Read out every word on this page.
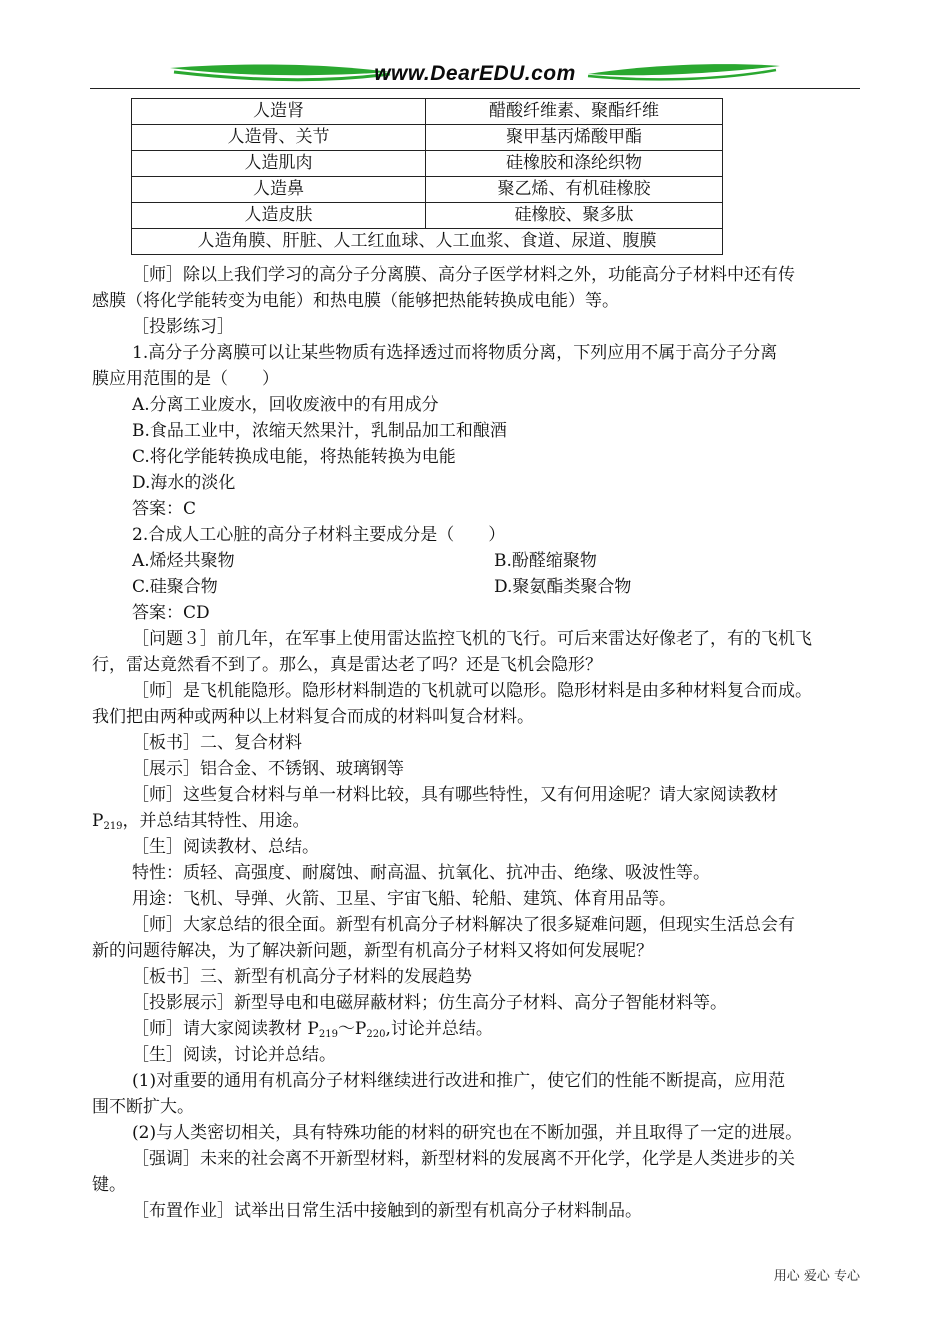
www.DearEDU.com
人造肾	醋酸纤维素、聚酯纤维
人造骨、关节	聚甲基丙烯酸甲酯
人造肌肉	硅橡胶和涤纶织物
人造鼻	聚乙烯、有机硅橡胶
人造皮肤	硅橡胶、聚多肽
人造角膜、肝脏、人工红血球、人工血浆、食道、尿道、腹膜	

［师］除以上我们学习的高分子分离膜、高分子医学材料之外，功能高分子材料中还有传

感膜（将化学能转变为电能）和热电膜（能够把热能转换成电能）等。

［投影练习］

1.高分子分离膜可以让某些物质有选择透过而将物质分离，下列应用不属于高分子分离

膜应用范围的是（　　）

A.分离工业废水，回收废液中的有用成分

B.食品工业中，浓缩天然果汁，乳制品加工和酿酒

C.将化学能转换成电能，将热能转换为电能

D.海水的淡化

答案：C

2.合成人工心脏的高分子材料主要成分是（　　）

A.烯烃共聚物	B.酚醛缩聚物
C.硅聚合物	D.聚氨酯类聚合物

答案：CD

［问题３］前几年，在军事上使用雷达监控飞机的飞行。可后来雷达好像老了，有的飞机飞

行，雷达竟然看不到了。那么，真是雷达老了吗？还是飞机会隐形？

［师］是飞机能隐形。隐形材料制造的飞机就可以隐形。隐形材料是由多种材料复合而成。

我们把由两种或两种以上材料复合而成的材料叫复合材料。

［板书］二、复合材料

［展示］铝合金、不锈钢、玻璃钢等

［师］这些复合材料与单一材料比较，具有哪些特性，又有何用途呢？请大家阅读教材

$P_{219}$，并总结其特性、用途。

［生］阅读教材、总结。

特性：质轻、高强度、耐腐蚀、耐高温、抗氧化、抗冲击、绝缘、吸波性等。

用途：飞机、导弹、火箭、卫星、宇宙飞船、轮船、建筑、体育用品等。

［师］大家总结的很全面。新型有机高分子材料解决了很多疑难问题，但现实生活总会有

新的问题待解决，为了解决新问题，新型有机高分子材料又将如何发展呢？

［板书］三、新型有机高分子材料的发展趋势

［投影展示］新型导电和电磁屏蔽材料；仿生高分子材料、高分子智能材料等。

［师］请大家阅读教材 $P_{219}\sim P_{220}$,讨论并总结。

［生］阅读，讨论并总结。

(1)对重要的通用有机高分子材料继续进行改进和推广，使它们的性能不断提高，应用范

围不断扩大。

(2)与人类密切相关，具有特殊功能的材料的研究也在不断加强，并且取得了一定的进展。

［强调］未来的社会离不开新型材料，新型材料的发展离不开化学，化学是人类进步的关

键。

［布置作业］试举出日常生活中接触到的新型有机高分子材料制品。

用心 爱心 专心
